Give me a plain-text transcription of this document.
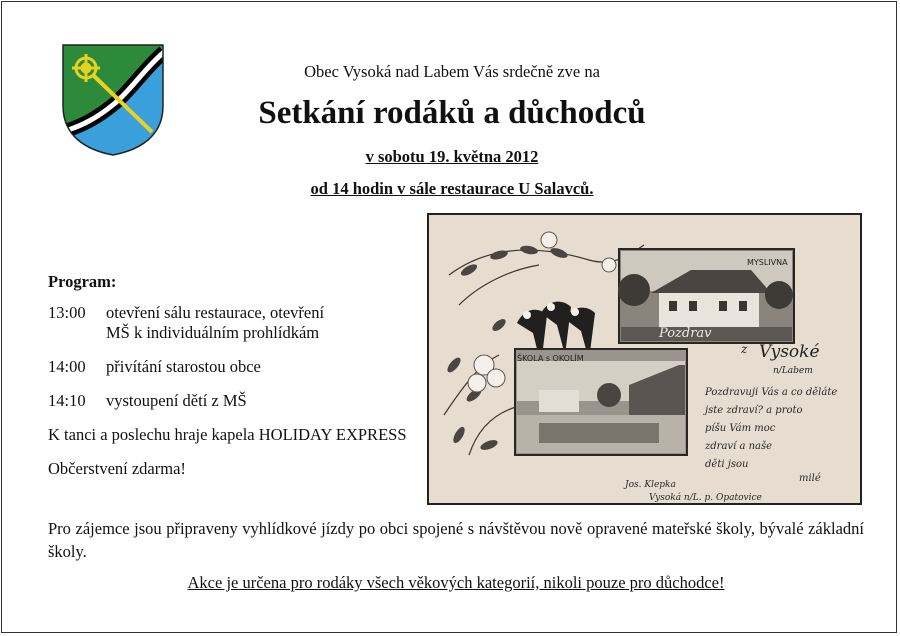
Obec Vysoká nad Labem Vás srdečně zve na
Setkání rodáků a důchodců
v sobotu 19. května 2012
od 14 hodin v sále restaurace U Salavců.
MYSLIVNA
ŠKOLA s OKOLÍM
Pozdrav
z Vysoké
n/Labem
Pozdravuji Vás a co děláte
jste zdraví? a proto
píšu Vám moc
zdraví a naše
děti jsou
milé
Jos. Klepka
Vysoká n/L. p. Opatovice
Program:
13:00	otevření sálu restaurace, otevření
MŠ k individuálním prohlídkám
14:00	přivítání starostou obce
14:10	vystoupení dětí z MŠ
K tanci a poslechu hraje kapela HOLIDAY EXPRESS
Občerstvení zdarma!
Pro zájemce jsou připraveny vyhlídkové jízdy po obci spojené s návštěvou nově opravené mateřské školy, bývalé základní školy.
Akce je určena pro rodáky všech věkových kategorií, nikoli pouze pro důchodce!
